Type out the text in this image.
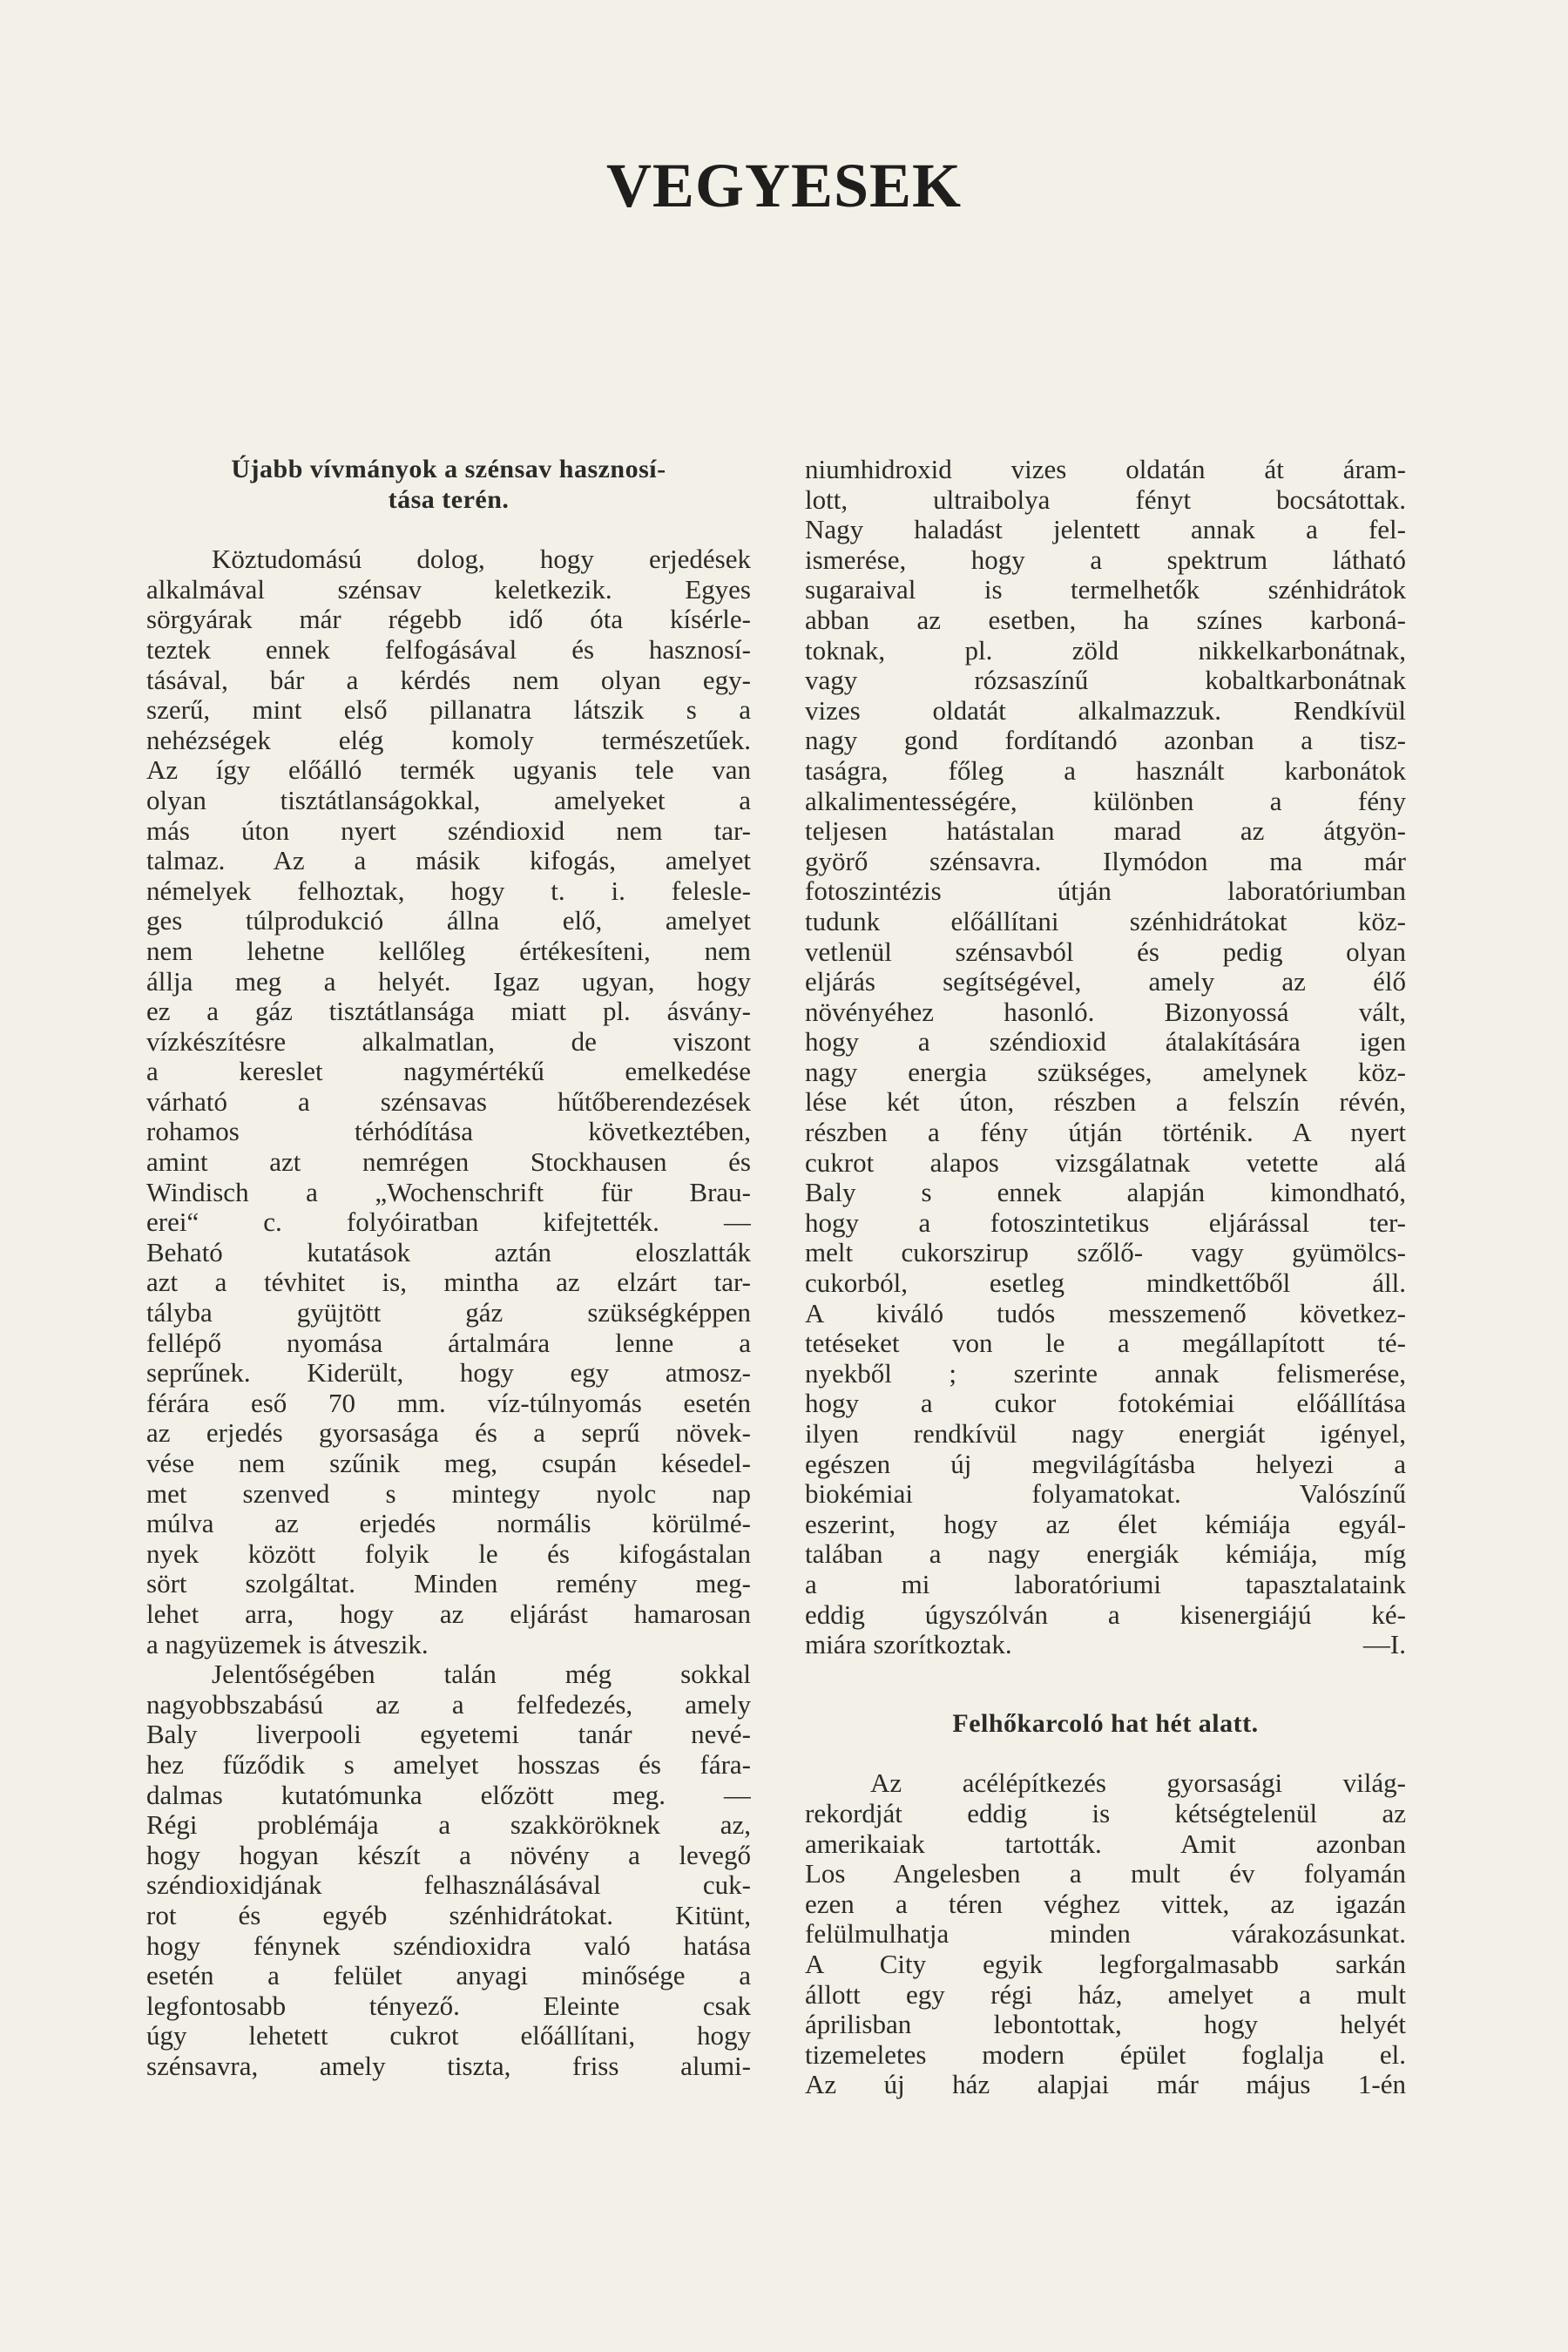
VEGYESEK
Újabb vívmányok a szénsav hasznosí-
tása terén.
Köztudomású dolog, hogy erjedések
alkalmával szénsav keletkezik. Egyes
sörgyárak már régebb idő óta kísérle-
teztek ennek felfogásával és hasznosí-
tásával, bár a kérdés nem olyan egy-
szerű, mint első pillanatra látszik s a
nehézségek elég komoly természetűek.
Az így előálló termék ugyanis tele van
olyan tisztátlanságokkal, amelyeket a
más úton nyert széndioxid nem tar-
talmaz. Az a másik kifogás, amelyet
némelyek felhoztak, hogy t. i. felesle-
ges túlprodukció állna elő, amelyet
nem lehetne kellőleg értékesíteni, nem
állja meg a helyét. Igaz ugyan, hogy
ez a gáz tisztátlansága miatt pl. ásvány-
vízkészítésre alkalmatlan, de viszont
a kereslet nagymértékű emelkedése
várható a szénsavas hűtőberendezések
rohamos térhódítása következtében,
amint azt nemrégen Stockhausen és
Windisch a „Wochenschrift für Brau-
erei“ c. folyóiratban kifejtették. —
Beható kutatások aztán eloszlatták
azt a tévhitet is, mintha az elzárt tar-
tályba gyüjtött gáz szükségképpen
fellépő nyomása ártalmára lenne a
seprűnek. Kiderült, hogy egy atmosz-
férára eső 70 mm. víz-túlnyomás esetén
az erjedés gyorsasága és a seprű növek-
vése nem szűnik meg, csupán késedel-
met szenved s mintegy nyolc nap
múlva az erjedés normális körülmé-
nyek között folyik le és kifogástalan
sört szolgáltat. Minden remény meg-
lehet arra, hogy az eljárást hamarosan
a nagyüzemek is átveszik.
Jelentőségében talán még sokkal
nagyobbszabású az a felfedezés, amely
Baly liverpooli egyetemi tanár nevé-
hez fűződik s amelyet hosszas és fára-
dalmas kutatómunka előzött meg. —
Régi problémája a szakköröknek az,
hogy hogyan készít a növény a levegő
széndioxidjának felhasználásával cuk-
rot és egyéb szénhidrátokat. Kitünt,
hogy fénynek széndioxidra való hatása
esetén a felület anyagi minősége a
legfontosabb tényező. Eleinte csak
úgy lehetett cukrot előállítani, hogy
szénsavra, amely tiszta, friss alumi-
niumhidroxid vizes oldatán át áram-
lott, ultraibolya fényt bocsátottak.
Nagy haladást jelentett annak a fel-
ismerése, hogy a spektrum látható
sugaraival is termelhetők szénhidrátok
abban az esetben, ha színes karboná-
toknak, pl. zöld nikkelkarbonátnak,
vagy rózsaszínű kobaltkarbonátnak
vizes oldatát alkalmazzuk. Rendkívül
nagy gond fordítandó azonban a tisz-
taságra, főleg a használt karbonátok
alkalimentességére, különben a fény
teljesen hatástalan marad az átgyön-
györő szénsavra. Ilymódon ma már
fotoszintézis útján laboratóriumban
tudunk előállítani szénhidrátokat köz-
vetlenül szénsavból és pedig olyan
eljárás segítségével, amely az élő
növényéhez hasonló. Bizonyossá vált,
hogy a széndioxid átalakítására igen
nagy energia szükséges, amelynek köz-
lése két úton, részben a felszín révén,
részben a fény útján történik. A nyert
cukrot alapos vizsgálatnak vetette alá
Baly s ennek alapján kimondható,
hogy a fotoszintetikus eljárással ter-
melt cukorszirup szőlő- vagy gyümölcs-
cukorból, esetleg mindkettőből áll.
A kiváló tudós messzemenő következ-
tetéseket von le a megállapított té-
nyekből ; szerinte annak felismerése,
hogy a cukor fotokémiai előállítása
ilyen rendkívül nagy energiát igényel,
egészen új megvilágításba helyezi a
biokémiai folyamatokat. Valószínű
eszerint, hogy az élet kémiája egyál-
talában a nagy energiák kémiája, míg
a mi laboratóriumi tapasztalataink
eddig úgyszólván a kisenergiájú ké-
miára szorítkoztak.	—I.
Felhőkarcoló hat hét alatt.
Az acélépítkezés gyorsasági világ-
rekordját eddig is kétségtelenül az
amerikaiak tartották. Amit azonban
Los Angelesben a mult év folyamán
ezen a téren véghez vittek, az igazán
felülmulhatja minden várakozásunkat.
A City egyik legforgalmasabb sarkán
állott egy régi ház, amelyet a mult
áprilisban lebontottak, hogy helyét
tizemeletes modern épület foglalja el.
Az új ház alapjai már május 1-én
